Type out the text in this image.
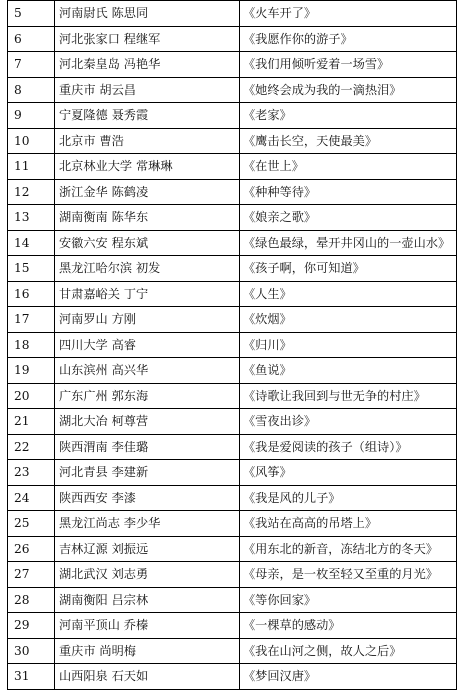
5	河南尉氏 陈思同	《火车开了》
6	河北张家口 程继军	《我愿作你的游子》
7	河北秦皇岛 冯艳华	《我们用倾听爱着一场雪》
8	重庆市 胡云昌	《她终会成为我的一滴热泪》
9	宁夏隆德 聂秀霞	《老家》
10	北京市 曹浩	《鹰击长空，天使最美》
11	北京林业大学 常琳琳	《在世上》
12	浙江金华 陈鹤凌	《种种等待》
13	湖南衡南 陈华东	《娘亲之歌》
14	安徽六安 程东斌	《绿色最绿，晕开井冈山的一壶山水》
15	黑龙江哈尔滨 初发	《孩子啊，你可知道》
16	甘肃嘉峪关 丁宁	《人生》
17	河南罗山 方刚	《炊烟》
18	四川大学 高睿	《归川》
19	山东滨州 高兴华	《鱼说》
20	广东广州 郭东海	《诗歌让我回到与世无争的村庄》
21	湖北大冶 柯尊营	《雪夜出诊》
22	陕西渭南 李佳璐	《我是爱阅读的孩子（组诗）》
23	河北青县 李建新	《风筝》
24	陕西西安 李漆	《我是风的儿子》
25	黑龙江尚志 李少华	《我站在高高的吊塔上》
26	吉林辽源 刘振远	《用东北的新音，冻结北方的冬天》
27	湖北武汉 刘志勇	《母亲，是一枚至轻又至重的月光》
28	湖南衡阳 吕宗林	《等你回家》
29	河南平顶山 乔榛	《一棵草的感动》
30	重庆市 尚明梅	《我在山河之侧，故人之后》
31	山西阳泉 石天如	《梦回汉唐》
